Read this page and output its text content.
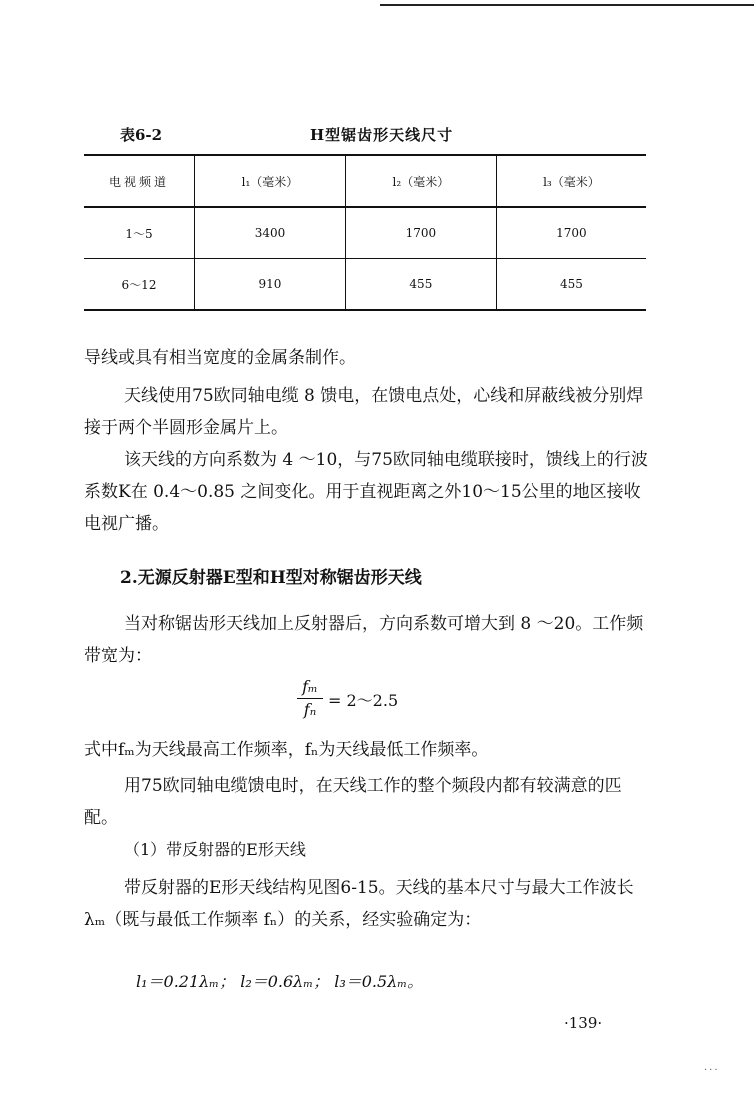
表6-2	H型锯齿形天线尺寸
电视频道	l₁（毫米）	l₂（毫米）	l₃（毫米）
1～5	3400	1700	1700
6～12	910	455	455
导线或具有相当宽度的金属条制作。
天线使用75欧同轴电缆 8 馈电，在馈电点处，心线和屏蔽线被分别焊接于两个半圆形金属片上。
该天线的方向系数为 4 ～10，与75欧同轴电缆联接时，馈线上的行波系数K在 0.4～0.85 之间变化。用于直视距离之外10～15公里的地区接收电视广播。
2.无源反射器E型和H型对称锯齿形天线
当对称锯齿形天线加上反射器后，方向系数可增大到 8 ～20。工作频带宽为：
fₘ
fₙ = 2～2.5
式中fₘ为天线最高工作频率，fₙ为天线最低工作频率。
用75欧同轴电缆馈电时，在天线工作的整个频段内都有较满意的匹配。
（1）带反射器的E形天线
带反射器的E形天线结构见图6-15。天线的基本尺寸与最大工作波长 λₘ（既与最低工作频率 fₙ）的关系，经实验确定为：
l₁＝0.21λₘ； l₂＝0.6λₘ； l₃＝0.5λₘ。
·139·
...
